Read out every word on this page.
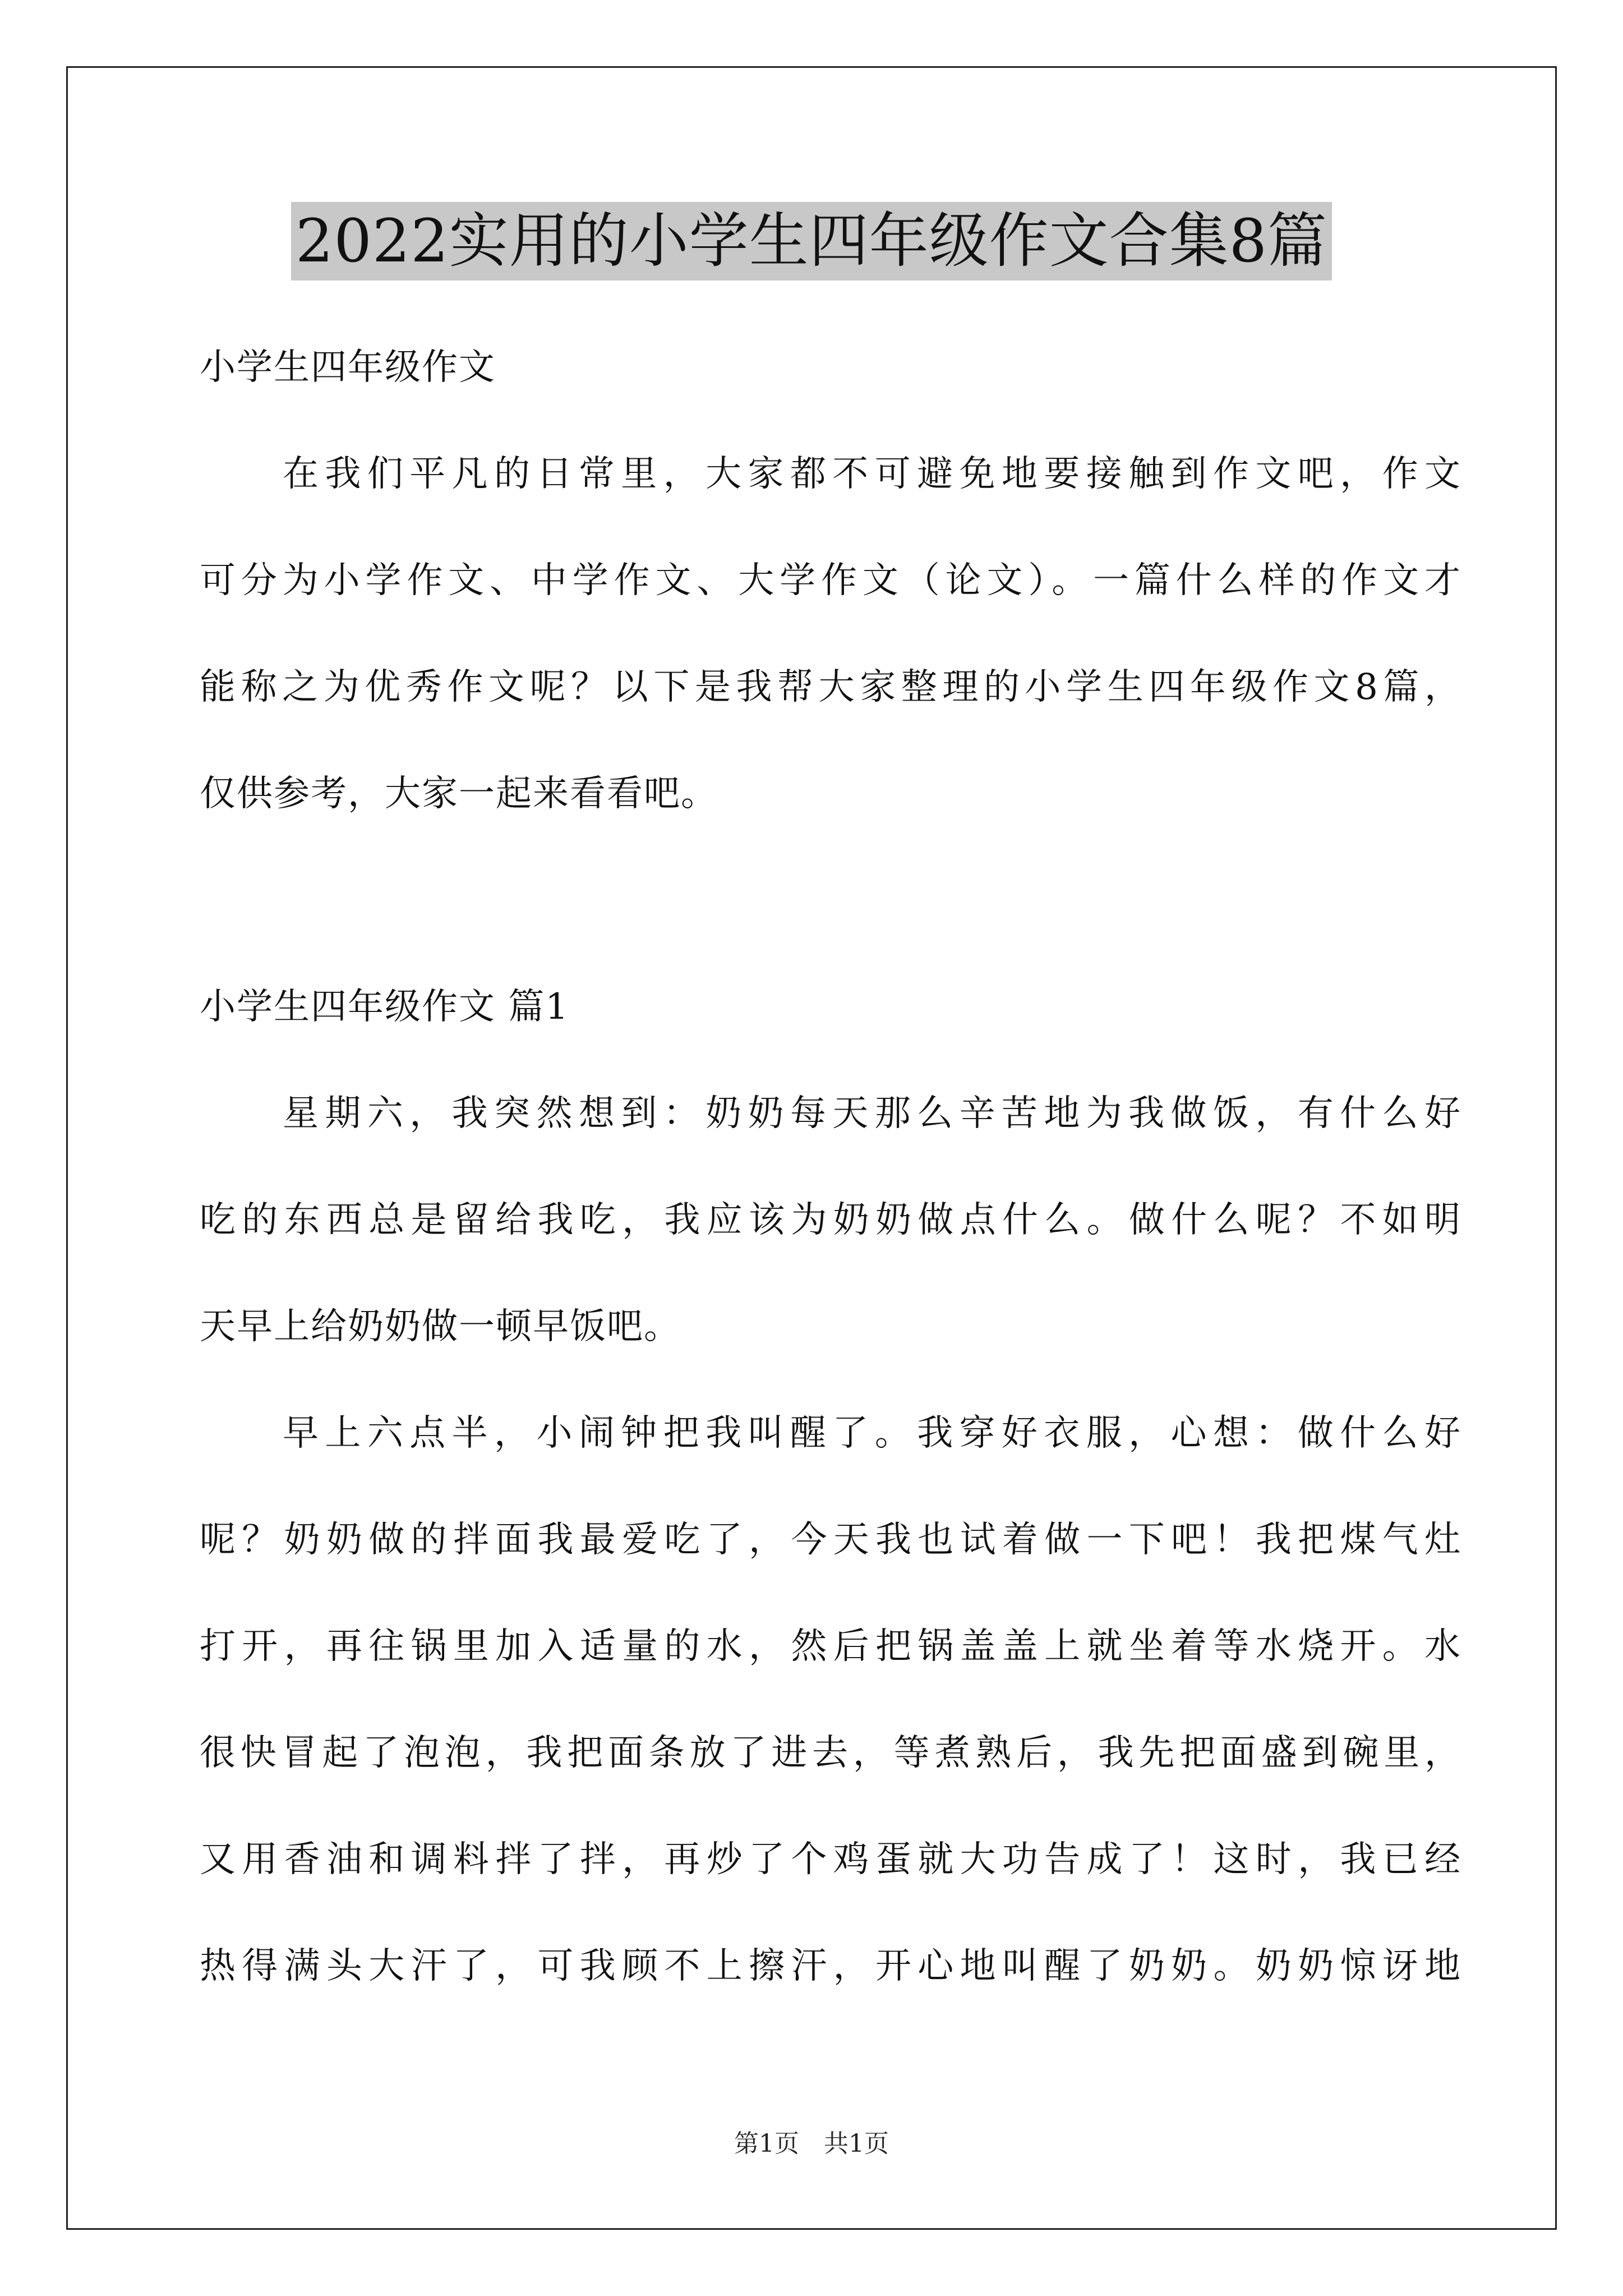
2022实用的小学生四年级作文合集8篇
小学生四年级作文
在我们平凡的日常里，大家都不可避免地要接触到作文吧，作文
可分为小学作文、中学作文、大学作文（论文）。一篇什么样的作文才
能称之为优秀作文呢？以下是我帮大家整理的小学生四年级作文8篇，
仅供参考，大家一起来看看吧。
小学生四年级作文 篇1
星期六，我突然想到：奶奶每天那么辛苦地为我做饭，有什么好
吃的东西总是留给我吃，我应该为奶奶做点什么。做什么呢？不如明
天早上给奶奶做一顿早饭吧。
早上六点半，小闹钟把我叫醒了。我穿好衣服，心想：做什么好
呢？奶奶做的拌面我最爱吃了，今天我也试着做一下吧！我把煤气灶
打开，再往锅里加入适量的水，然后把锅盖盖上就坐着等水烧开。水
很快冒起了泡泡，我把面条放了进去，等煮熟后，我先把面盛到碗里，
又用香油和调料拌了拌，再炒了个鸡蛋就大功告成了！这时，我已经
热得满头大汗了，可我顾不上擦汗，开心地叫醒了奶奶。奶奶惊讶地
第1页　共1页
